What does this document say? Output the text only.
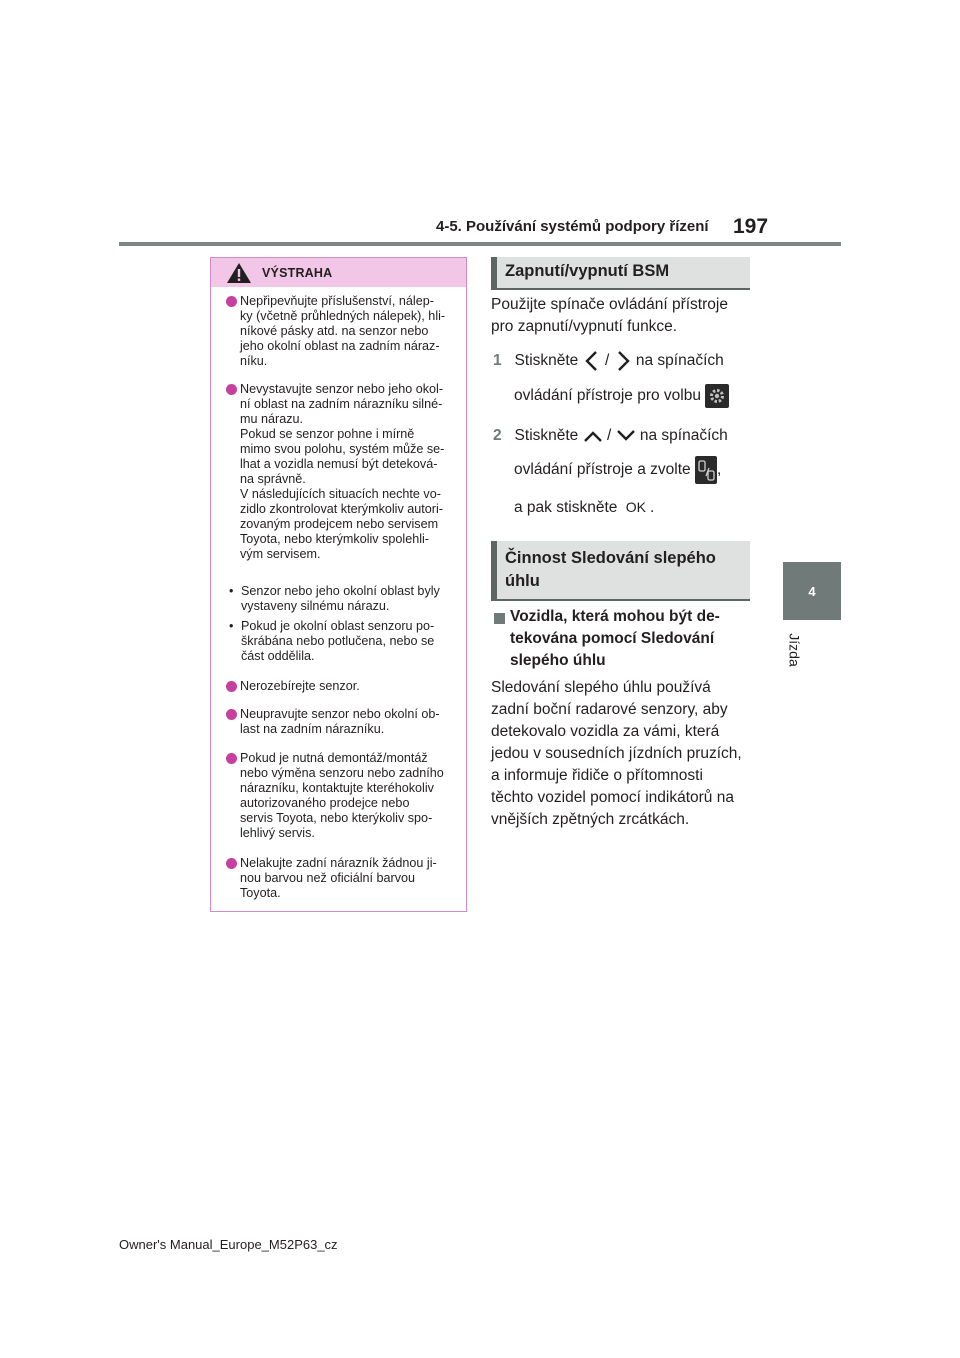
4-5. Používání systémů podpory řízení 197
4
Jízda
VÝSTRAHA
Nepřipevňujte příslušenství, nálep-
ky (včetně průhledných nálepek), hli-
níkové pásky atd. na senzor nebo
jeho okolní oblast na zadním náraz-
níku.
Nevystavujte senzor nebo jeho okol-
ní oblast na zadním nárazníku silné-
mu nárazu.
Pokud se senzor pohne i mírně
mimo svou polohu, systém může se-
lhat a vozidla nemusí být deteková-
na správně.
V následujících situacích nechte vo-
zidlo zkontrolovat kterýmkoliv autori-
zovaným prodejcem nebo servisem
Toyota, nebo kterýmkoliv spolehli-
vým servisem.
• Senzor nebo jeho okolní oblast byly
vystaveny silnému nárazu.
• Pokud je okolní oblast senzoru po-
škrábána nebo potlučena, nebo se
část oddělila.
Nerozebírejte senzor.
Neupravujte senzor nebo okolní ob-
last na zadním nárazníku.
Pokud je nutná demontáž/montáž
nebo výměna senzoru nebo zadního
nárazníku, kontaktujte kteréhokoliv
autorizovaného prodejce nebo
servis Toyota, nebo kterýkoliv spo-
lehlivý servis.
Nelakujte zadní nárazník žádnou ji-
nou barvou než oficiální barvou
Toyota.
Zapnutí/vypnutí BSM
Použijte spínače ovládání přístroje
pro zapnutí/vypnutí funkce.
1 Stiskněte / na spínačích
ovládání přístroje pro volbu
2 Stiskněte / na spínačích
ovládání přístroje a zvolte ,
a pak stiskněte OK .
Činnost Sledování slepého
úhlu
Vozidla, která mohou být de-
tekována pomocí Sledování
slepého úhlu
Sledování slepého úhlu používá
zadní boční radarové senzory, aby
detekovalo vozidla za vámi, která
jedou v sousedních jízdních pruzích,
a informuje řidiče o přítomnosti
těchto vozidel pomocí indikátorů na
vnějších zpětných zrcátkách.
Owner's Manual_Europe_M52P63_cz
